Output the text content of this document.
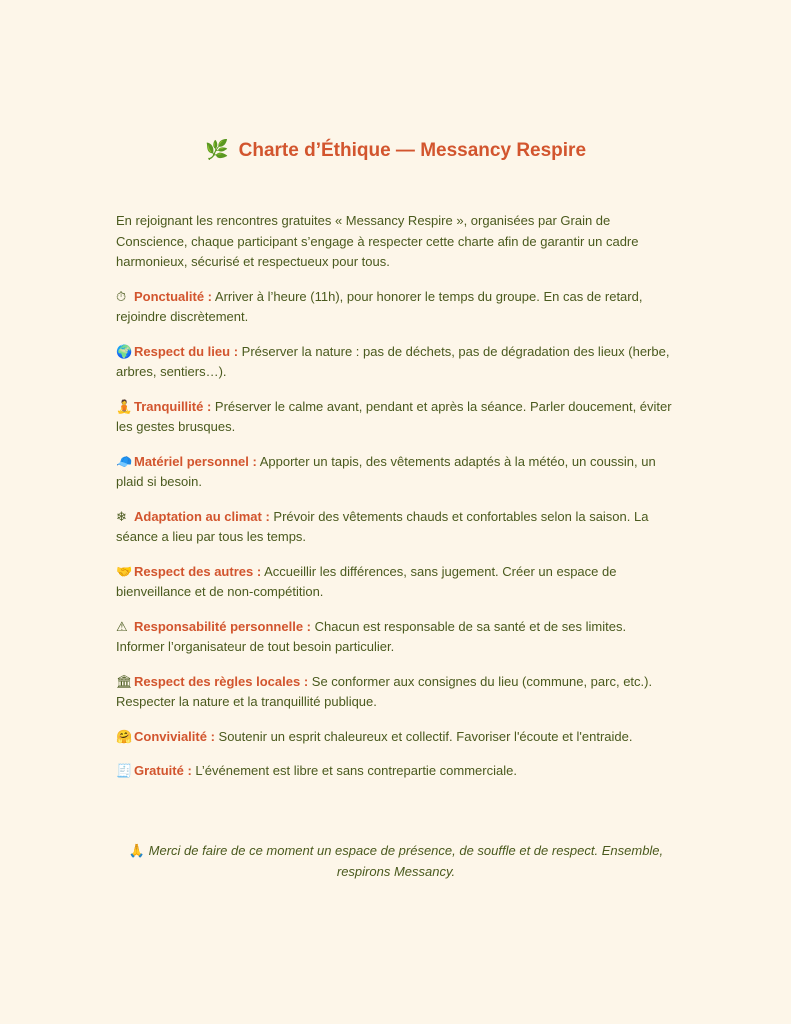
🌿 Charte d’Éthique — Messancy Respire

En rejoignant les rencontres gratuites « Messancy Respire », organisées par Grain de Conscience, chaque participant s’engage à respecter cette charte afin de garantir un cadre harmonieux, sécurisé et respectueux pour tous.

⏱ Ponctualité : Arriver à l’heure (11h), pour honorer le temps du groupe. En cas de retard, rejoindre discrètement.

🌍 Respect du lieu : Préserver la nature : pas de déchets, pas de dégradation des lieux (herbe, arbres, sentiers…).

🧘 Tranquillité : Préserver le calme avant, pendant et après la séance. Parler doucement, éviter les gestes brusques.

🧢 Matériel personnel : Apporter un tapis, des vêtements adaptés à la météo, un coussin, un plaid si besoin.

❄ Adaptation au climat : Prévoir des vêtements chauds et confortables selon la saison. La séance a lieu par tous les temps.

🤝 Respect des autres : Accueillir les différences, sans jugement. Créer un espace de bienveillance et de non-compétition.

⚠ Responsabilité personnelle : Chacun est responsable de sa santé et de ses limites. Informer l’organisateur de tout besoin particulier.

🏛Respect des règles locales : Se conformer aux consignes du lieu (commune, parc, etc.). Respecter la nature et la tranquillité publique.

🤗 Convivialité : Soutenir un esprit chaleureux et collectif. Favoriser l'écoute et l'entraide.

🧾 Gratuité : L’événement est libre et sans contrepartie commerciale.

🙏 Merci de faire de ce moment un espace de présence, de souffle et de respect. Ensemble, respirons Messancy.
